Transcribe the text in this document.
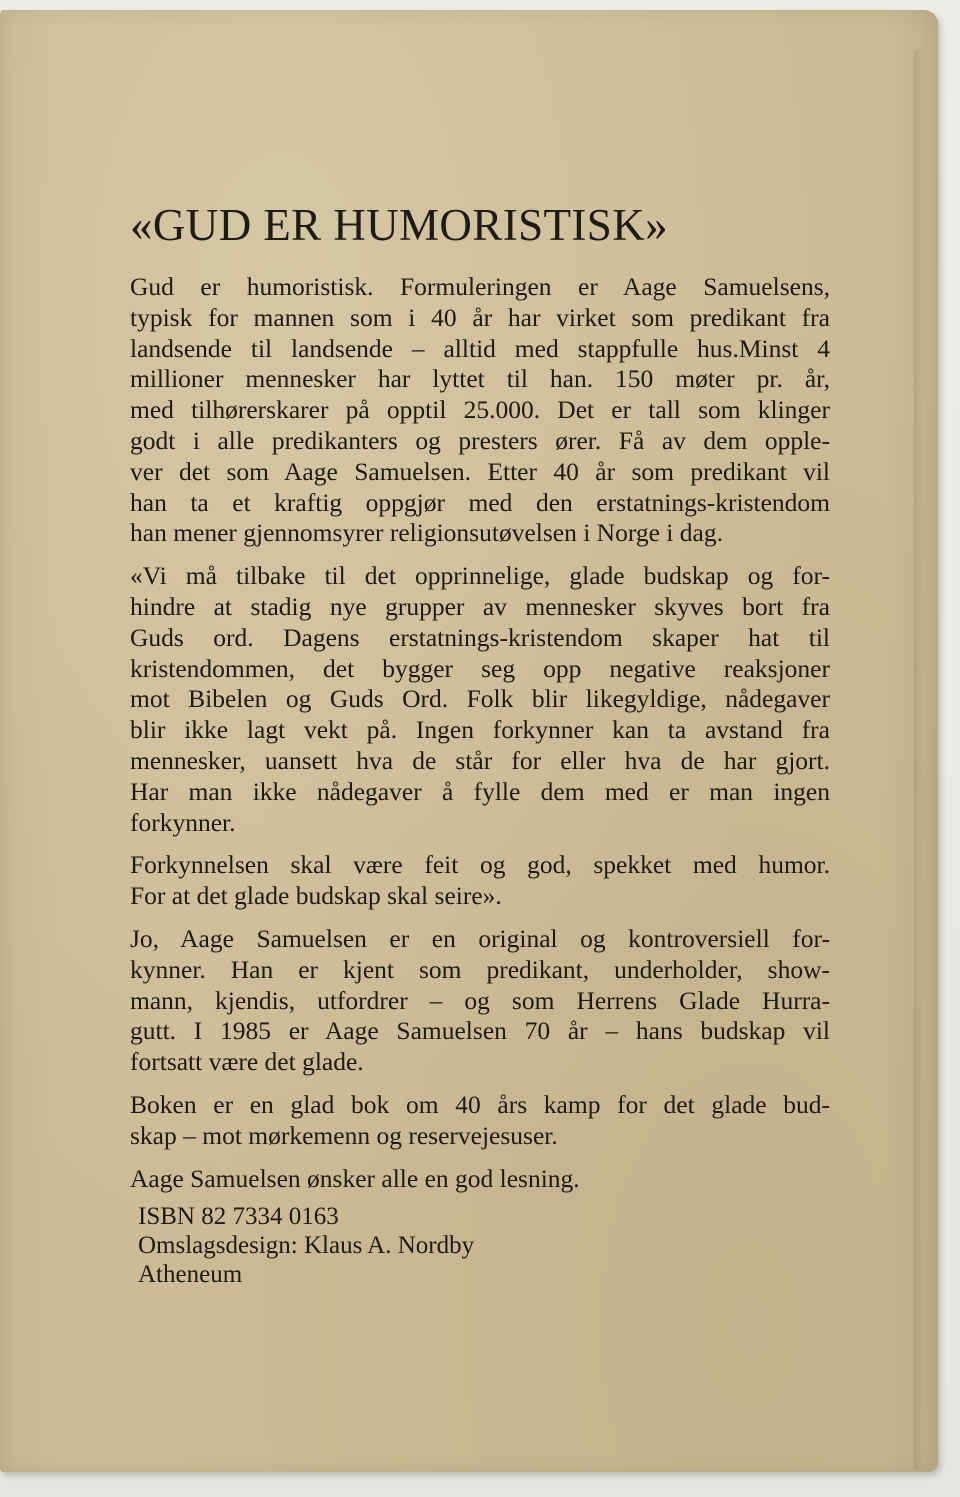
«GUD ER HUMORISTISK»
Gud er humoristisk. Formuleringen er Aage Samuelsens,
typisk for mannen som i 40 år har virket som predikant fra
landsende til landsende – alltid med stappfulle hus.Minst 4
millioner mennesker har lyttet til han. 150 møter pr. år,
med tilhørerskarer på opptil 25.000. Det er tall som klinger
godt i alle predikanters og presters ører. Få av dem opple-
ver det som Aage Samuelsen. Etter 40 år som predikant vil
han ta et kraftig oppgjør med den erstatnings-kristendom
han mener gjennomsyrer religionsutøvelsen i Norge i dag.
«Vi må tilbake til det opprinnelige, glade budskap og for-
hindre at stadig nye grupper av mennesker skyves bort fra
Guds ord. Dagens erstatnings-kristendom skaper hat til
kristendommen, det bygger seg opp negative reaksjoner
mot Bibelen og Guds Ord. Folk blir likegyldige, nådegaver
blir ikke lagt vekt på. Ingen forkynner kan ta avstand fra
mennesker, uansett hva de står for eller hva de har gjort.
Har man ikke nådegaver å fylle dem med er man ingen
forkynner.
Forkynnelsen skal være feit og god, spekket med humor.
For at det glade budskap skal seire».
Jo, Aage Samuelsen er en original og kontroversiell for-
kynner. Han er kjent som predikant, underholder, show-
mann, kjendis, utfordrer – og som Herrens Glade Hurra-
gutt. I 1985 er Aage Samuelsen 70 år – hans budskap vil
fortsatt være det glade.
Boken er en glad bok om 40 års kamp for det glade bud-
skap – mot mørkemenn og reservejesuser.
Aage Samuelsen ønsker alle en god lesning.
ISBN 82 7334 0163
Omslagsdesign: Klaus A. Nordby
Atheneum
